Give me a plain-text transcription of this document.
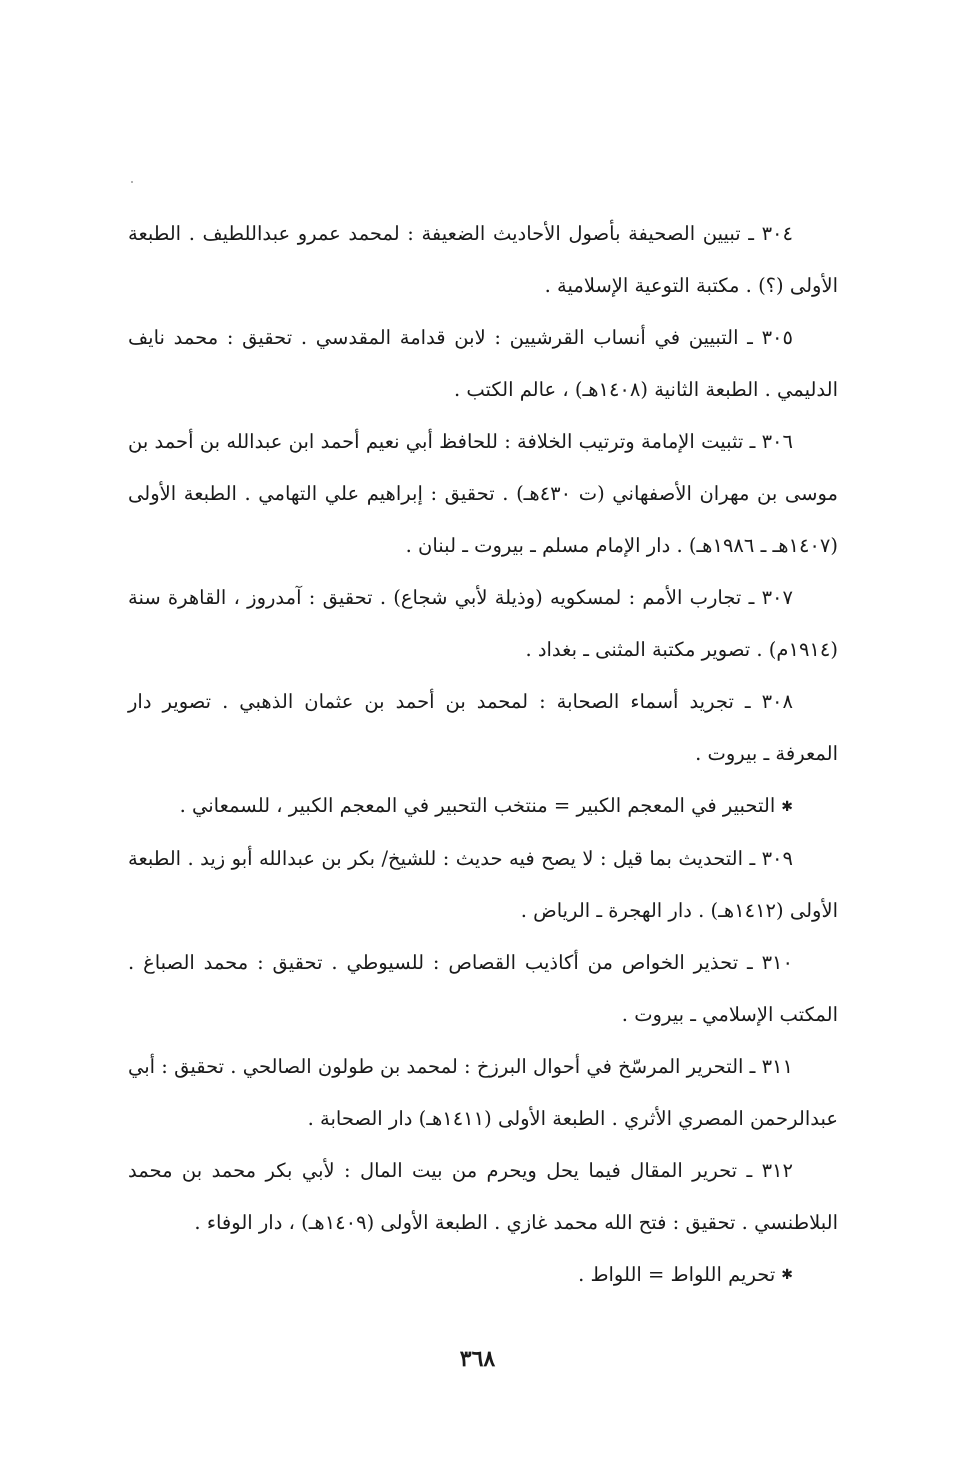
٣٠٤ ـ تبيين الصحيفة بأصول الأحاديث الضعيفة : لمحمد عمرو عبداللطيف . الطبعة الأولى (؟) . مكتبة التوعية الإسلامية .

٣٠٥ ـ التبيين في أنساب القرشيين : لابن قدامة المقدسي . تحقيق : محمد نايف الدليمي . الطبعة الثانية (١٤٠٨هـ) ، عالم الكتب .

٣٠٦ ـ تثبيت الإمامة وترتيب الخلافة : للحافظ أبي نعيم أحمد ابن عبدالله بن أحمد بن موسى بن مهران الأصفهاني (ت ٤٣٠هـ) . تحقيق : إبراهيم علي التهامي . الطبعة الأولى (١٤٠٧هـ ـ ١٩٨٦هـ) . دار الإمام مسلم ـ بيروت ـ لبنان .

٣٠٧ ـ تجارب الأمم : لمسكويه (وذيلة لأبي شجاع) . تحقيق : آمدروز ، القاهرة سنة (١٩١٤م) . تصوير مكتبة المثنى ـ بغداد .

٣٠٨ ـ تجريد أسماء الصحابة : لمحمد بن أحمد بن عثمان الذهبي . تصوير دار المعرفة ـ بيروت .

✱التحبير في المعجم الكبير = منتخب التحبير في المعجم الكبير ، للسمعاني .

٣٠٩ ـ التحديث بما قيل : لا يصح فيه حديث : للشيخ/ بكر بن عبدالله أبو زيد . الطبعة الأولى (١٤١٢هـ) . دار الهجرة ـ الرياض .

٣١٠ ـ تحذير الخواص من أكاذيب القصاص : للسيوطي . تحقيق : محمد الصباغ . المكتب الإسلامي ـ بيروت .

٣١١ ـ التحرير المرسّخ في أحوال البرزخ : لمحمد بن طولون الصالحي . تحقيق : أبي عبدالرحمن المصري الأثري . الطبعة الأولى (١٤١١هـ) دار الصحابة .

٣١٢ ـ تحرير المقال فيما يحل ويحرم من بيت المال : لأبي بكر محمد بن محمد البلاطنسي . تحقيق : فتح الله محمد غازي . الطبعة الأولى (١٤٠٩هـ) ، دار الوفاء .

✱تحريم اللواط = اللواط .

٣٦٨
